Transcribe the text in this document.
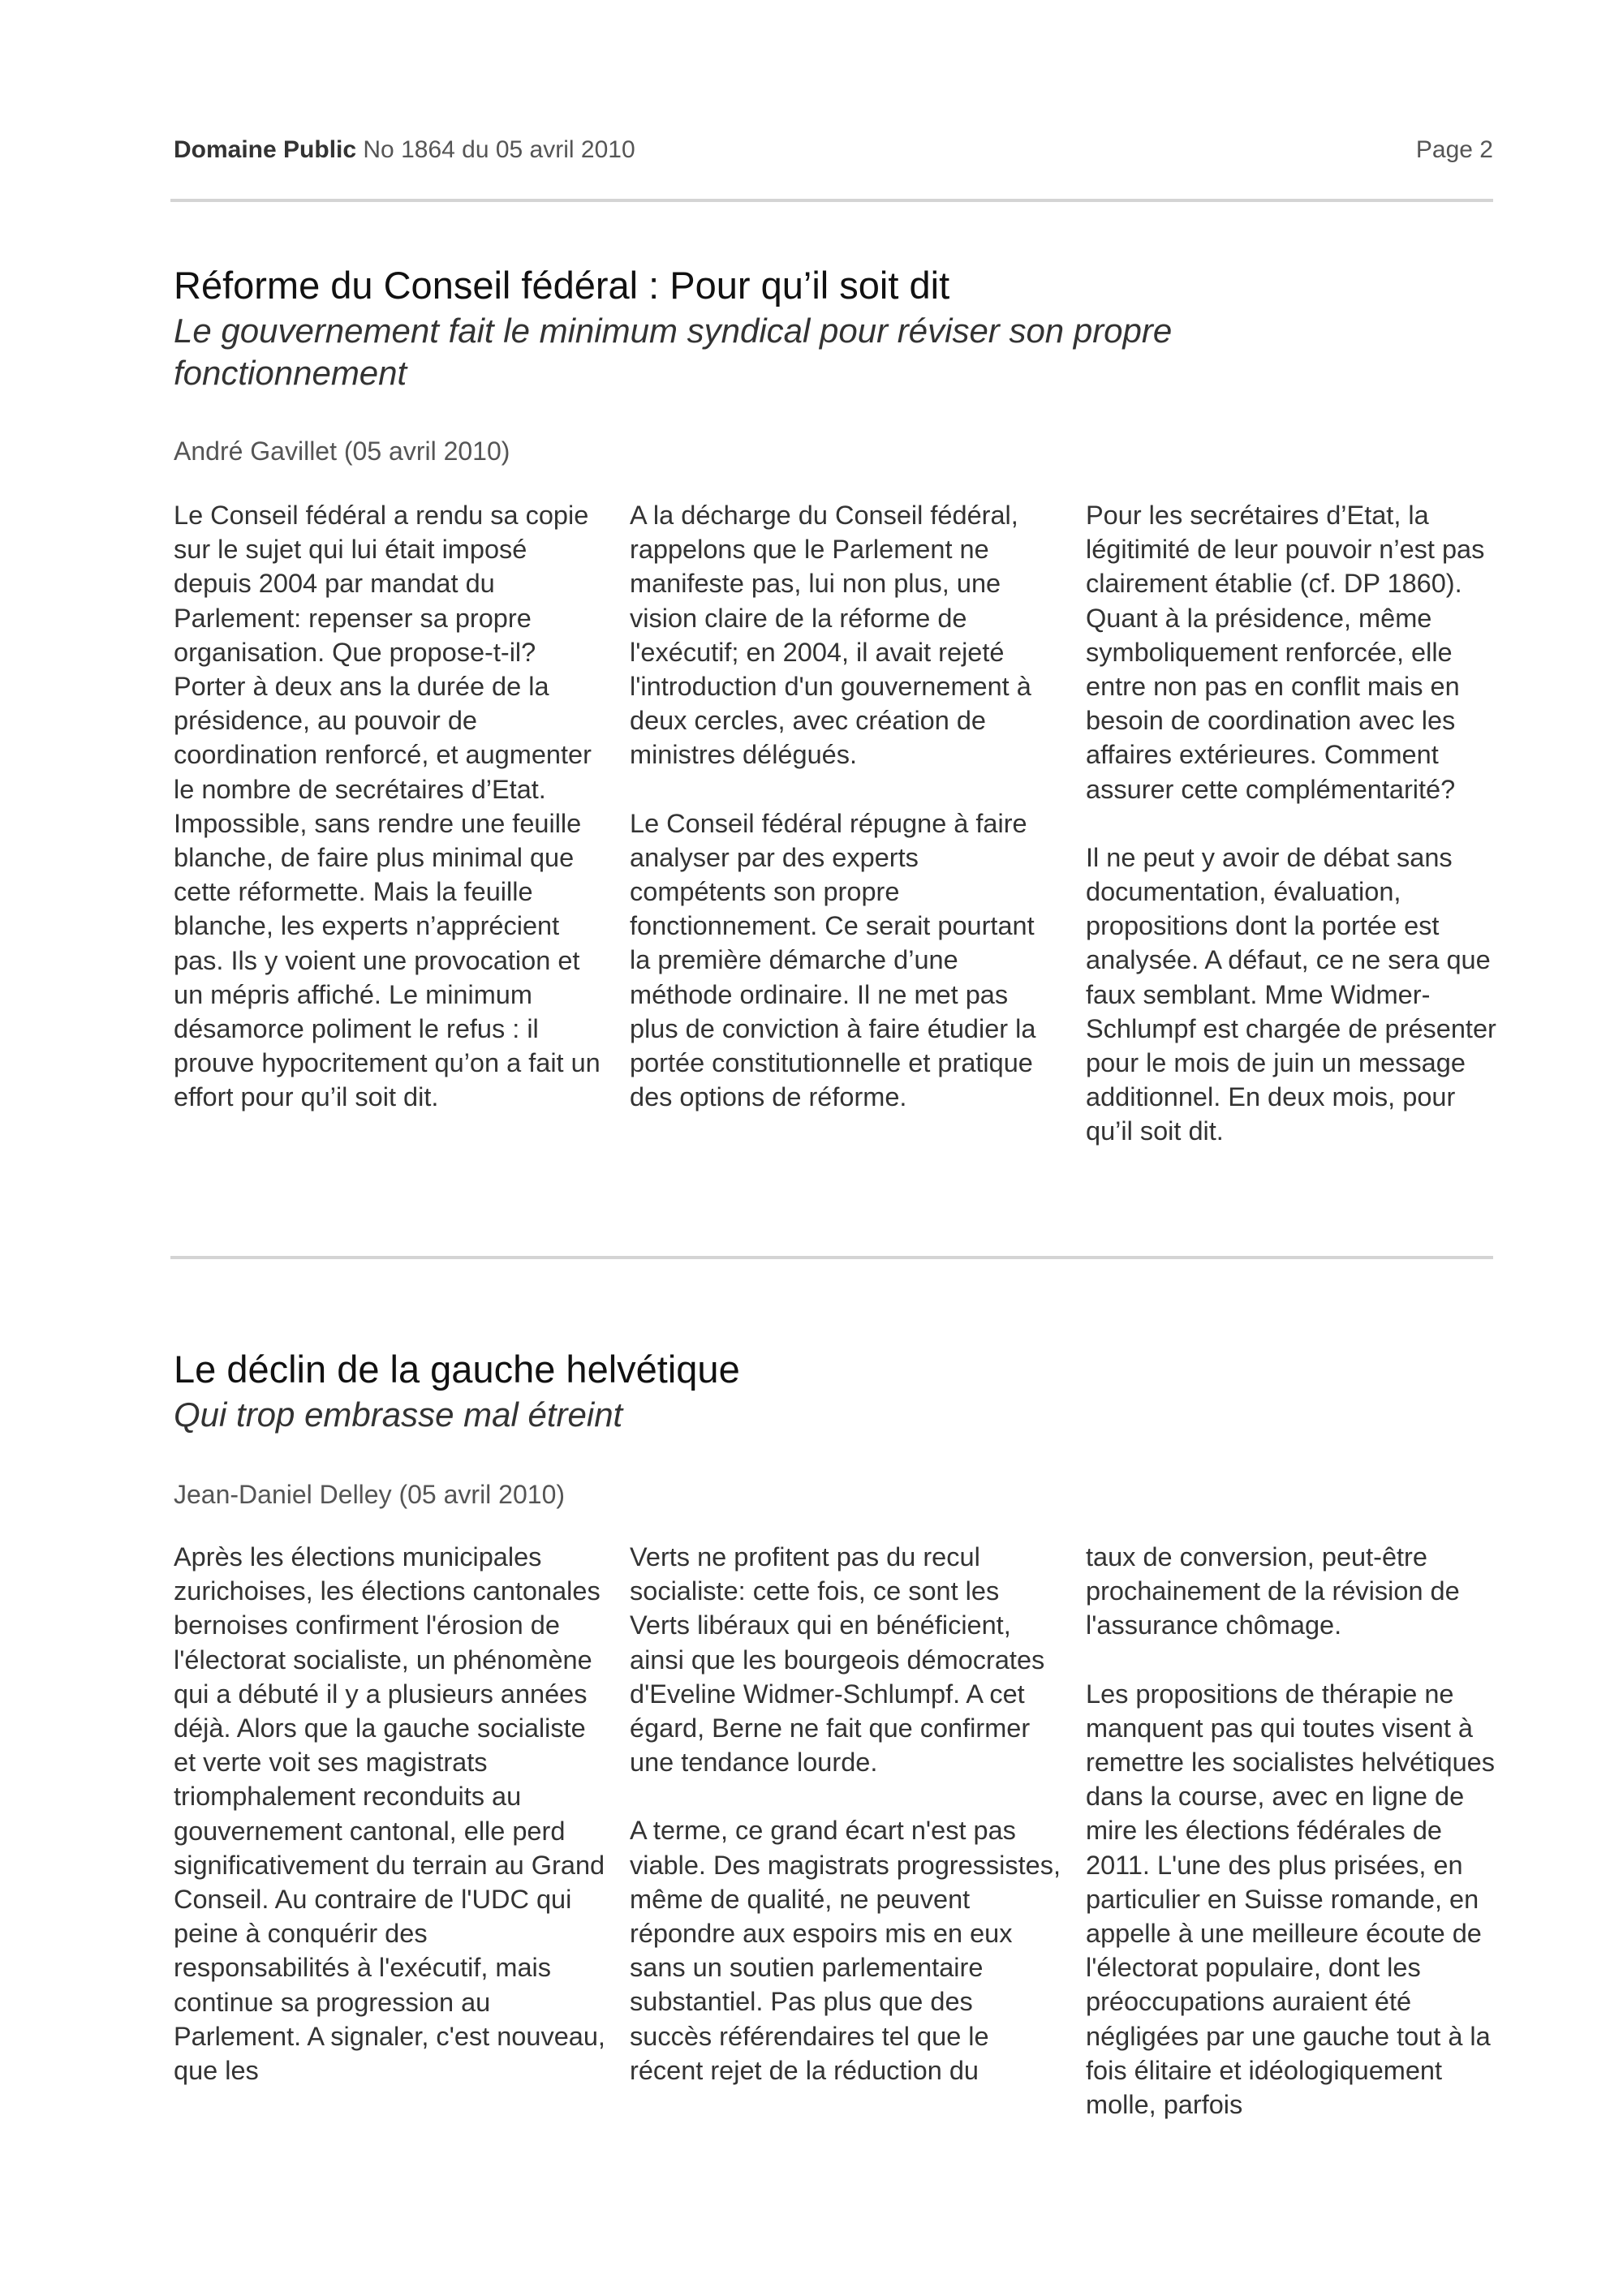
Domaine Public No 1864 du 05 avril 2010	Page 2
Réforme du Conseil fédéral : Pour qu’il soit dit
Le gouvernement fait le minimum syndical pour réviser son propre fonctionnement
André Gavillet (05 avril 2010)

Le Conseil fédéral a rendu sa copie sur le sujet qui lui était imposé depuis 2004 par mandat du Parlement: repenser sa propre organisation. Que propose-t-il? Porter à deux ans la durée de la présidence, au pouvoir de coordination renforcé, et augmenter le nombre de secrétaires d’Etat. Impossible, sans rendre une feuille blanche, de faire plus minimal que cette réformette. Mais la feuille blanche, les experts n’apprécient pas. Ils y voient une provocation et un mépris affiché. Le minimum désamorce poliment le refus : il prouve hypocritement qu’on a fait un effort pour qu’il soit dit.

A la décharge du Conseil fédéral, rappelons que le Parlement ne manifeste pas, lui non plus, une vision claire de la réforme de l'exécutif; en 2004, il avait rejeté l'introduction d'un gouvernement à deux cercles, avec création de ministres délégués.

Le Conseil fédéral répugne à faire analyser par des experts compétents son propre fonctionnement. Ce serait pourtant la première démarche d’une méthode ordinaire. Il ne met pas plus de conviction à faire étudier la portée constitutionnelle et pratique des options de réforme.

Pour les secrétaires d’Etat, la légitimité de leur pouvoir n’est pas clairement établie (cf. DP 1860). Quant à la présidence, même symboliquement renforcée, elle entre non pas en conflit mais en besoin de coordination avec les affaires extérieures. Comment assurer cette complémentarité?

Il ne peut y avoir de débat sans documentation, évaluation, propositions dont la portée est analysée. A défaut, ce ne sera que faux semblant. Mme Widmer-Schlumpf est chargée de présenter pour le mois de juin un message additionnel. En deux mois, pour qu’il soit dit.

Le déclin de la gauche helvétique
Qui trop embrasse mal étreint
Jean-Daniel Delley (05 avril 2010)

Après les élections municipales zurichoises, les élections cantonales bernoises confirment l'érosion de l'électorat socialiste, un phénomène qui a débuté il y a plusieurs années déjà. Alors que la gauche socialiste et verte voit ses magistrats triomphalement reconduits au gouvernement cantonal, elle perd significativement du terrain au Grand Conseil. Au contraire de l'UDC qui peine à conquérir des responsabilités à l'exécutif, mais continue sa progression au Parlement. A signaler, c'est nouveau, que les

Verts ne profitent pas du recul socialiste: cette fois, ce sont les Verts libéraux qui en bénéficient, ainsi que les bourgeois démocrates d'Eveline Widmer-Schlumpf. A cet égard, Berne ne fait que confirmer une tendance lourde.

A terme, ce grand écart n'est pas viable. Des magistrats progressistes, même de qualité, ne peuvent répondre aux espoirs mis en eux sans un soutien parlementaire substantiel. Pas plus que des succès référendaires tel que le récent rejet de la réduction du

taux de conversion, peut-être prochainement de la révision de l'assurance chômage.

Les propositions de thérapie ne manquent pas qui toutes visent à remettre les socialistes helvétiques dans la course, avec en ligne de mire les élections fédérales de 2011. L'une des plus prisées, en particulier en Suisse romande, en appelle à une meilleure écoute de l'électorat populaire, dont les préoccupations auraient été négligées par une gauche tout à la fois élitaire et idéologiquement molle, parfois
